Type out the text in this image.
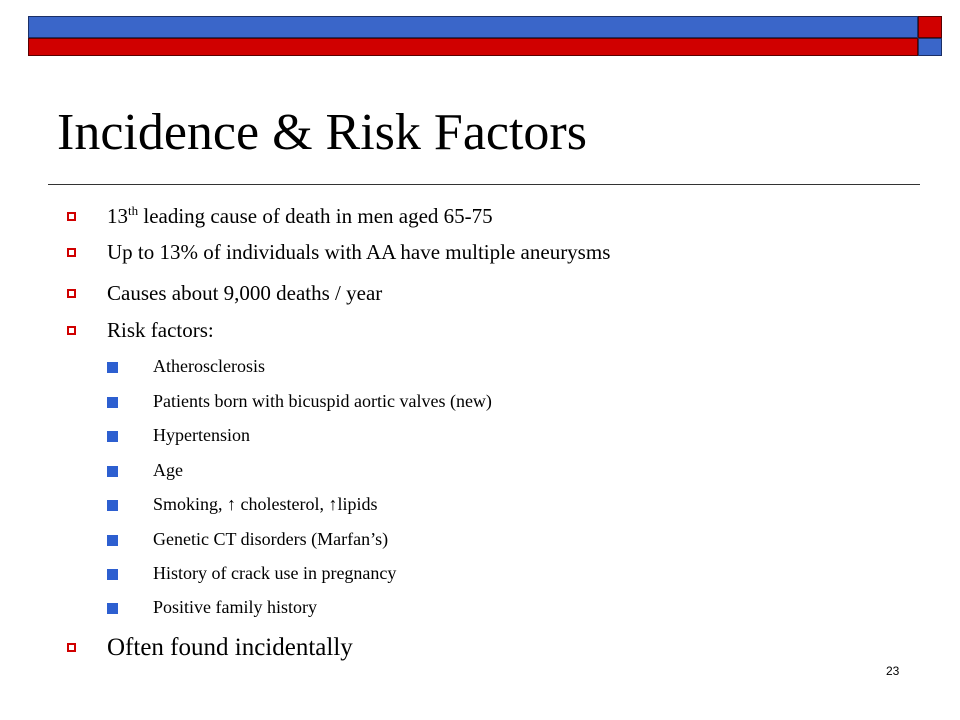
Incidence & Risk Factors
13th leading cause of death in men aged 65-75
Up to 13% of individuals with AA have multiple aneurysms
Causes about 9,000 deaths / year
Risk factors:
Atherosclerosis
Patients born with bicuspid aortic valves (new)
Hypertension
Age
Smoking, ↑ cholesterol, ↑lipids
Genetic CT disorders (Marfan’s)
History of crack use in pregnancy
Positive family history
Often found incidentally
23
